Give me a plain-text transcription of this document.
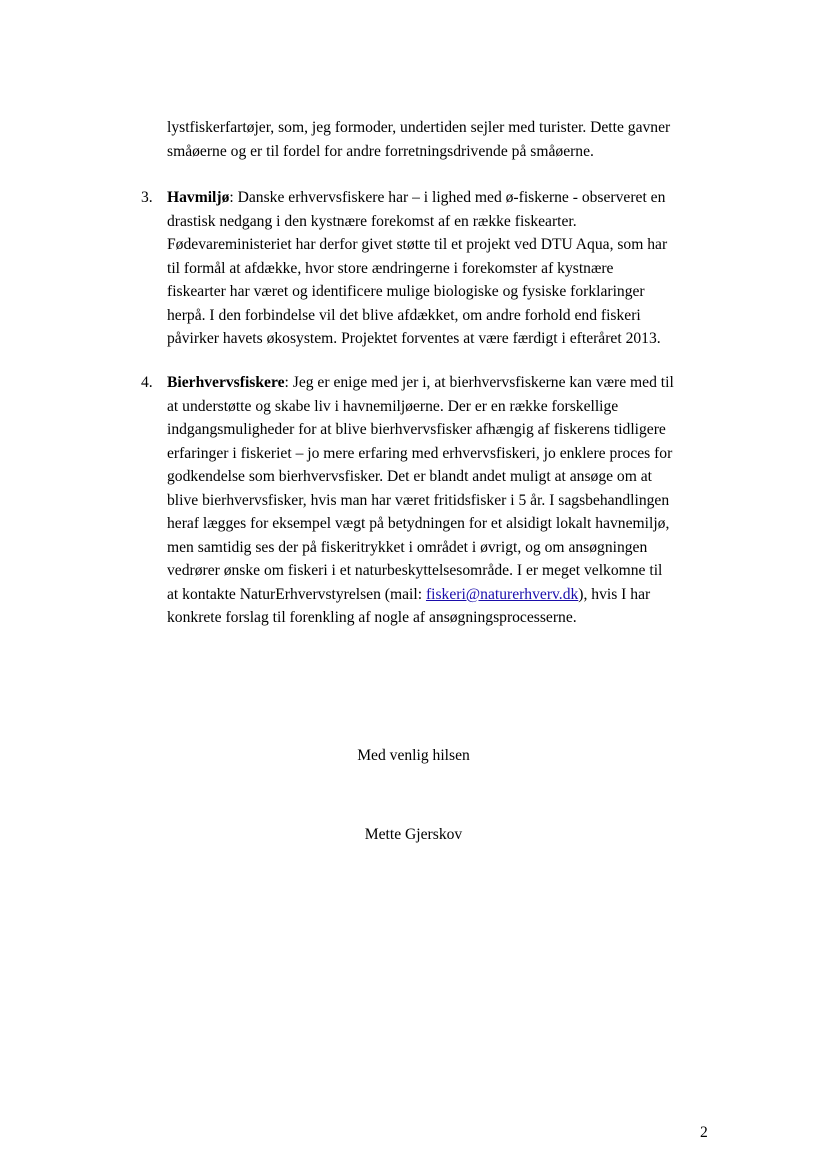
lystfiskerfartøjer, som, jeg formoder, undertiden sejler med turister. Dette gavner
småøerne og er til fordel for andre forretningsdrivende på småøerne.
3. Havmiljø: Danske erhvervsfiskere har – i lighed med ø-fiskerne - observeret en
drastisk nedgang i den kystnære forekomst af en række fiskearter.
Fødevareministeriet har derfor givet støtte til et projekt ved DTU Aqua, som har
til formål at afdække, hvor store ændringerne i forekomster af kystnære
fiskearter har været og identificere mulige biologiske og fysiske forklaringer
herpå. I den forbindelse vil det blive afdækket, om andre forhold end fiskeri
påvirker havets økosystem. Projektet forventes at være færdigt i efteråret 2013.
4. Bierhvervsfiskere: Jeg er enige med jer i, at bierhvervsfiskerne kan være med til
at understøtte og skabe liv i havnemiljøerne. Der er en række forskellige
indgangsmuligheder for at blive bierhvervsfisker afhængig af fiskerens tidligere
erfaringer i fiskeriet – jo mere erfaring med erhvervsfiskeri, jo enklere proces for
godkendelse som bierhvervsfisker. Det er blandt andet muligt at ansøge om at
blive bierhvervsfisker, hvis man har været fritidsfisker i 5 år. I sagsbehandlingen
heraf lægges for eksempel vægt på betydningen for et alsidigt lokalt havnemiljø,
men samtidig ses der på fiskeritrykket i området i øvrigt, og om ansøgningen
vedrører ønske om fiskeri i et naturbeskyttelsesområde. I er meget velkomne til
at kontakte NaturErhvervstyrelsen (mail: fiskeri@naturerhverv.dk), hvis I har
konkrete forslag til forenkling af nogle af ansøgningsprocesserne.
Med venlig hilsen
Mette Gjerskov
2
